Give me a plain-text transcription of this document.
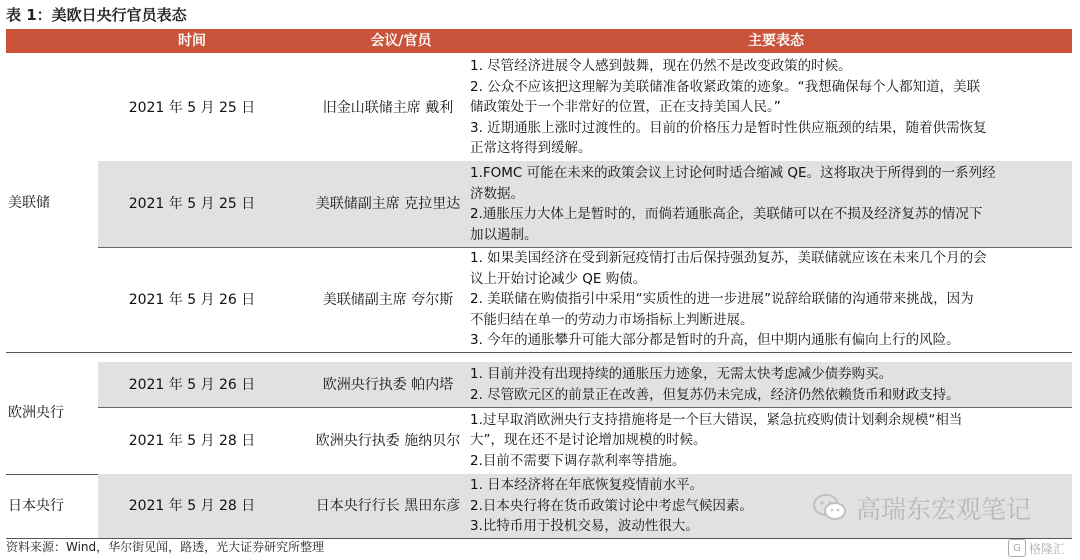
表 1：美欧日央行官员表态
时间	会议/官员	主要表态
美联储
2021 年 5 月 25 日	旧金山联储主席 戴利
1. 尽管经济进展令人感到鼓舞，现在仍然不是改变政策的时候。
2. 公众不应该把这理解为美联储准备收紧政策的迹象。“我想确保每个人都知道，美联
储政策处于一个非常好的位置，正在支持美国人民。”
3. 近期通胀上涨时过渡性的。目前的价格压力是暂时性供应瓶颈的结果，随着供需恢复
正常这将得到缓解。
2021 年 5 月 25 日	美联储副主席 克拉里达
1.FOMC 可能在未来的政策会议上讨论何时适合缩减 QE。这将取决于所得到的一系列经
济数据。
2.通胀压力大体上是暂时的，而倘若通胀高企，美联储可以在不损及经济复苏的情况下
加以遏制。
2021 年 5 月 26 日	美联储副主席 夸尔斯
1. 如果美国经济在受到新冠疫情打击后保持强劲复苏，美联储就应该在未来几个月的会
议上开始讨论减少 QE 购债。
2. 美联储在购债指引中采用“实质性的进一步进展”说辞给联储的沟通带来挑战，因为
不能归结在单一的劳动力市场指标上判断进展。
3. 今年的通胀攀升可能大部分都是暂时的升高，但中期内通胀有偏向上行的风险。
欧洲央行
2021 年 5 月 26 日	欧洲央行执委 帕内塔
1. 目前并没有出现持续的通胀压力迹象，无需太快考虑减少债券购买。
2. 尽管欧元区的前景正在改善，但复苏仍未完成，经济仍然依赖货币和财政支持。
2021 年 5 月 28 日	欧洲央行执委 施纳贝尔
1.过早取消欧洲央行支持措施将是一个巨大错误，紧急抗疫购债计划剩余规模“相当
大”，现在还不是讨论增加规模的时候。
2.目前不需要下调存款利率等措施。
日本央行	2021 年 5 月 28 日	日本央行行长 黑田东彦
1. 日本经济将在年底恢复疫情前水平。
2.日本央行将在货币政策讨论中考虑气候因素。
3.比特币用于投机交易，波动性很大。
资料来源：Wind，华尔街见闻，路透，光大证券研究所整理
高瑞东宏观笔记
G 格隆汇
